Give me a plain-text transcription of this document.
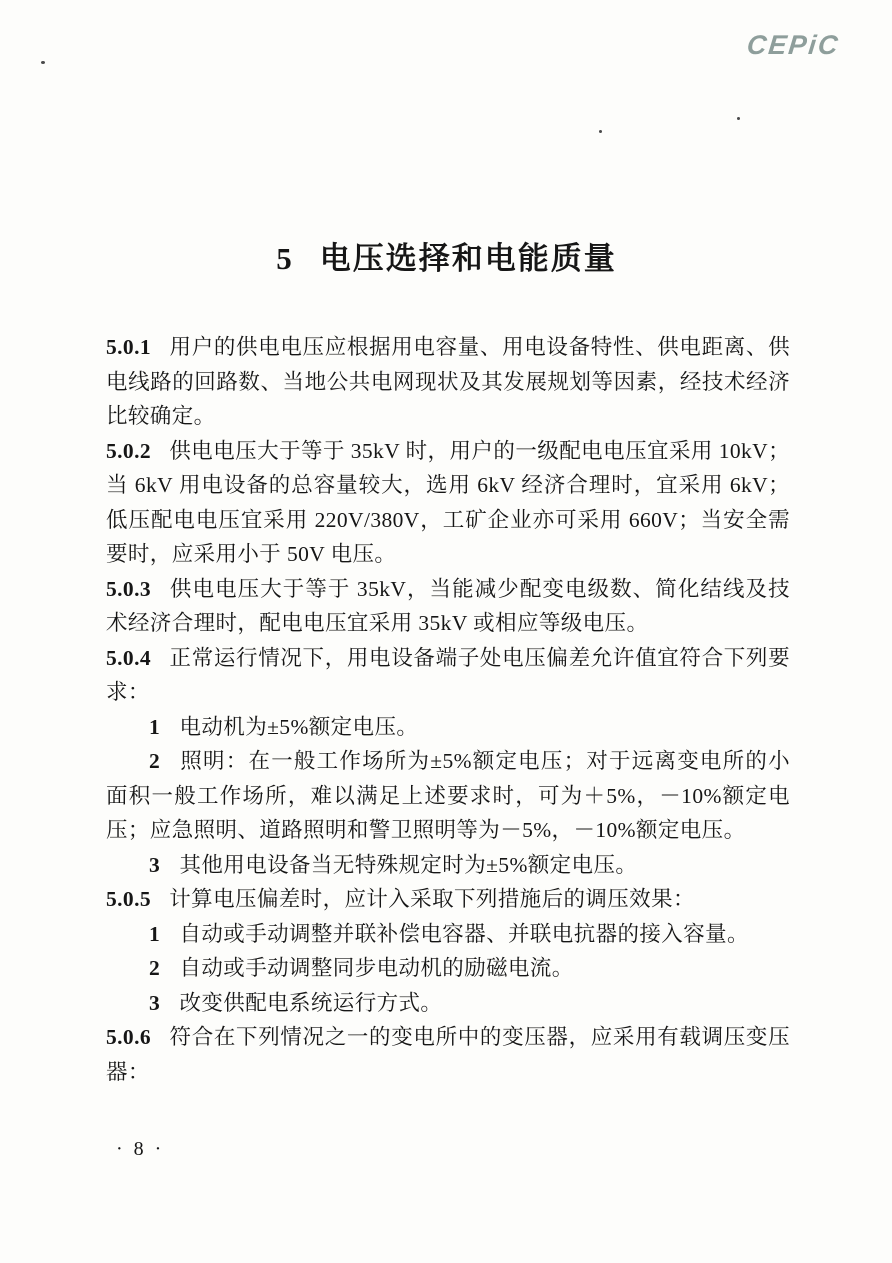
CEPiC
5 电压选择和电能质量

5.0.1 用户的供电电压应根据用电容量、用电设备特性、供电距离、供电线路的回路数、当地公共电网现状及其发展规划等因素，经技术经济比较确定。

5.0.2 供电电压大于等于 35kV 时，用户的一级配电电压宜采用 10kV；当 6kV 用电设备的总容量较大，选用 6kV 经济合理时，宜采用 6kV；低压配电电压宜采用 220V/380V，工矿企业亦可采用 660V；当安全需要时，应采用小于 50V 电压。

5.0.3 供电电压大于等于 35kV，当能减少配变电级数、简化结线及技术经济合理时，配电电压宜采用 35kV 或相应等级电压。

5.0.4 正常运行情况下，用电设备端子处电压偏差允许值宜符合下列要求：

1 电动机为±5%额定电压。

2 照明：在一般工作场所为±5%额定电压；对于远离变电所的小面积一般工作场所，难以满足上述要求时，可为＋5%，－10%额定电压；应急照明、道路照明和警卫照明等为－5%，－10%额定电压。

3 其他用电设备当无特殊规定时为±5%额定电压。

5.0.5 计算电压偏差时，应计入采取下列措施后的调压效果：

1 自动或手动调整并联补偿电容器、并联电抗器的接入容量。

2 自动或手动调整同步电动机的励磁电流。

3 改变供配电系统运行方式。

5.0.6 符合在下列情况之一的变电所中的变压器，应采用有载调压变压器：

· 8 ·
